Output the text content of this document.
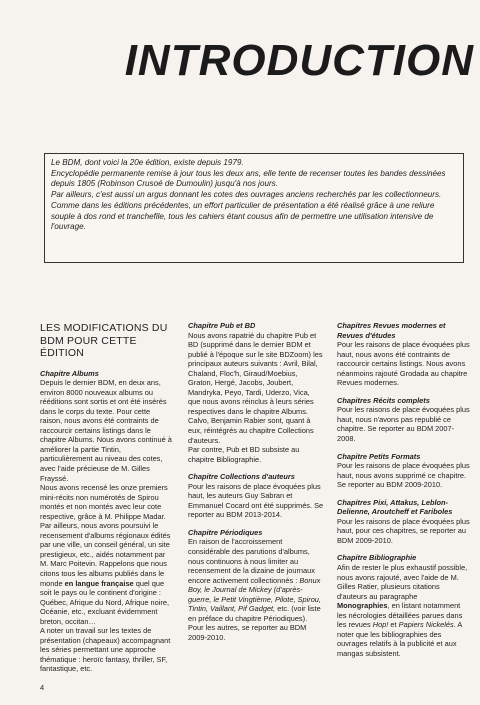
INTRODUCTION

Le BDM, dont voici la 20e édition, existe depuis 1979.

Encyclopédie permanente remise à jour tous les deux ans, elle tente de recenser toutes les bandes dessinées depuis 1805 (Robinson Crusoé de Dumoulin) jusqu'à nos jours.

Par ailleurs, c'est aussi un argus donnant les cotes des ouvrages anciens recherchés par les collectionneurs.

Comme dans les éditions précédentes, un effort particulier de présentation a été réalisé grâce à une reliure souple à dos rond et tranchefile, tous les cahiers étant cousus afin de permettre une utilisation intensive de l'ouvrage.

LES MODIFICATIONS DU BDM POUR CETTE ÉDITION

Chapitre Albums

Depuis le dernier BDM, en deux ans, environ 8000 nouveaux albums ou rééditions sont sortis et ont été insérés dans le corps du texte. Pour cette raison, nous avons été contraints de raccourcir certains listings dans le chapitre Albums. Nous avons continué à améliorer la partie Tintin, particulièrement au niveau des cotes, avec l'aide précieuse de M. Gilles Frayssé.

Nous avons recensé les onze premiers mini-récits non numérotés de Spirou montés et non montés avec leur cote respective, grâce à M. Philippe Madar.

Par ailleurs, nous avons poursuivi le recensement d'albums régionaux édités par une ville, un conseil général, un site prestigieux, etc., aidés notamment par M. Marc Poitevin. Rappelons que nous citons tous les albums publiés dans le monde en langue française quel que soit le pays ou le continent d'origine : Québec, Afrique du Nord, Afrique noire, Océanie, etc., excluant évidemment breton, occitan…

A noter un travail sur les textes de présentation (chapeaux) accompagnant les séries permettant une approche thématique : heroïc fantasy, thriller, SF, fantastique, etc.

Chapitre Pub et BD

Nous avons rapatrié du chapitre Pub et BD (supprimé dans le dernier BDM et publié à l'époque sur le site BDZoom) les principaux auteurs suivants : Avril, Bilal, Chaland, Floc'h, Giraud/Moebius, Graton, Hergé, Jacobs, Joubert, Mandryka, Peyo, Tardi, Uderzo, Vica, que nous avons réinclus à leurs séries respectives dans le chapitre Albums. Calvo, Benjamin Rabier sont, quant à eux, réintégrés au chapitre Collections d'auteurs.

Par contre, Pub et BD subsiste au chapitre Bibliographie.

Chapitre Collections d'auteurs

Pour les raisons de place évoquées plus haut, les auteurs Guy Sabran et Emmanuel Cocard ont été supprimés. Se reporter au BDM 2013-2014.

Chapitre Périodiques

En raison de l'accroissement considérable des parutions d'albums, nous continuons à nous limiter au recensement de la dizaine de journaux encore activement collectionnés : Bonux Boy, le Journal de Mickey (d'après-guerre, le Petit Vingtième, Pilote, Spirou, Tintin, Vaillant, Pif Gadget, etc. (voir liste en préface du chapitre Périodiques). Pour les autres, se reporter au BDM 2009-2010.

Chapitres Revues modernes et Revues d'études

Pour les raisons de place évoquées plus haut, nous avons été contraints de raccourcir certains listings. Nous avons néanmoins rajouté Grodada au chapitre Revues modernes.

Chapitres Récits complets

Pour les raisons de place évoquées plus haut, nous n'avons pas republié ce chapitre. Se reporter au BDM 2007-2008.

Chapitre Petits Formats

Pour les raisons de place évoquées plus haut, nous avons supprimé ce chapitre. Se reporter au BDM 2009-2010.

Chapitres Pixi, Attakus, Leblon-Delienne, Aroutcheff et Fariboles

Pour les raisons de place évoquées plus haut, pour ces chapitres, se reporter au BDM 2009-2010.

Chapitre Bibliographie

Afin de rester le plus exhaustif possible, nous avons rajouté, avec l'aide de M. Gilles Ratier, plusieurs citations d'auteurs au paragraphe Monographies, en listant notamment les nécrologies détaillées parues dans les revues Hop! et Papiers Nickelés. A noter que les bibliographies des ouvrages relatifs à la publicité et aux mangas subsistent.

4
